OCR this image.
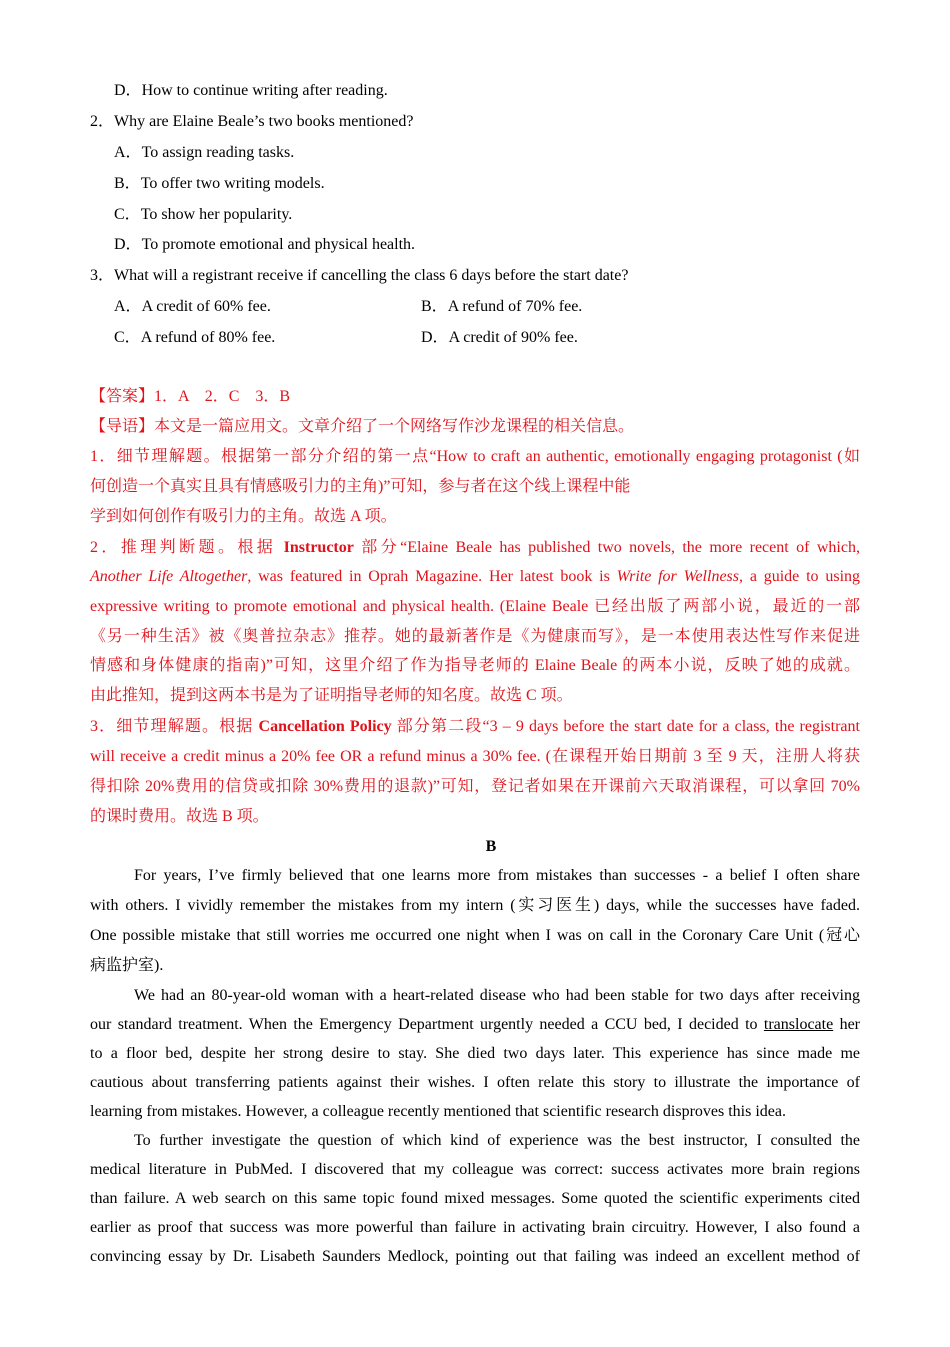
D．How to continue writing after reading.
2．Why are Elaine Beale’s two books mentioned?
A．To assign reading tasks.
B．To offer two writing models.
C．To show her popularity.
D．To promote emotional and physical health.
3．What will a registrant receive if cancelling the class 6 days before the start date?
A．A credit of 60% fee.	B．A refund of 70% fee.
C．A refund of 80% fee.	D．A credit of 90% fee.
【答案】1．A　2．C　3．B
【导语】本文是一篇应用文。文章介绍了一个网络写作沙龙课程的相关信息。
1．细节理解题。根据第一部分介绍的第一点“How to craft an authentic, emotionally engaging protagonist (如
何创造一个真实且具有情感吸引力的主角)”可知，参与者在这个线上课程中能
学到如何创作有吸引力的主角。故选 A 项。
2．推理判断题。根据 Instructor 部分“Elaine Beale has published two novels, the more recent of which,
Another Life Altogether, was featured in Oprah Magazine. Her latest book is Write for Wellness, a guide to using
expressive writing to promote emotional and physical health. (Elaine Beale 已经出版了两部小说，最近的一部
《另一种生活》被《奥普拉杂志》推荐。她的最新著作是《为健康而写》，是一本使用表达性写作来促进
情感和身体健康的指南)”可知，这里介绍了作为指导老师的 Elaine Beale 的两本小说，反映了她的成就。
由此推知，提到这两本书是为了证明指导老师的知名度。故选 C 项。
3．细节理解题。根据 Cancellation Policy 部分第二段“3 – 9 days before the start date for a class, the registrant
will receive a credit minus a 20% fee OR a refund minus a 30% fee. (在课程开始日期前 3 至 9 天，注册人将获
得扣除 20%费用的信贷或扣除 30%费用的退款)”可知，登记者如果在开课前六天取消课程，可以拿回 70%
的课时费用。故选 B 项。
B
For years, I’ve firmly believed that one learns more from mistakes than successes - a belief I often share
with others. I vividly remember the mistakes from my intern (实习医生) days, while the successes have faded.
One possible mistake that still worries me occurred one night when I was on call in the Coronary Care Unit (冠心
病监护室).
We had an 80-year-old woman with a heart-related disease who had been stable for two days after receiving
our standard treatment. When the Emergency Department urgently needed a CCU bed, I decided to translocate her
to a floor bed, despite her strong desire to stay. She died two days later. This experience has since made me
cautious about transferring patients against their wishes. I often relate this story to illustrate the importance of
learning from mistakes. However, a colleague recently mentioned that scientific research disproves this idea.
To further investigate the question of which kind of experience was the best instructor, I consulted the
medical literature in PubMed. I discovered that my colleague was correct: success activates more brain regions
than failure. A web search on this same topic found mixed messages. Some quoted the scientific experiments cited
earlier as proof that success was more powerful than failure in activating brain circuitry. However, I also found a
convincing essay by Dr. Lisabeth Saunders Medlock, pointing out that failing was indeed an excellent method of
